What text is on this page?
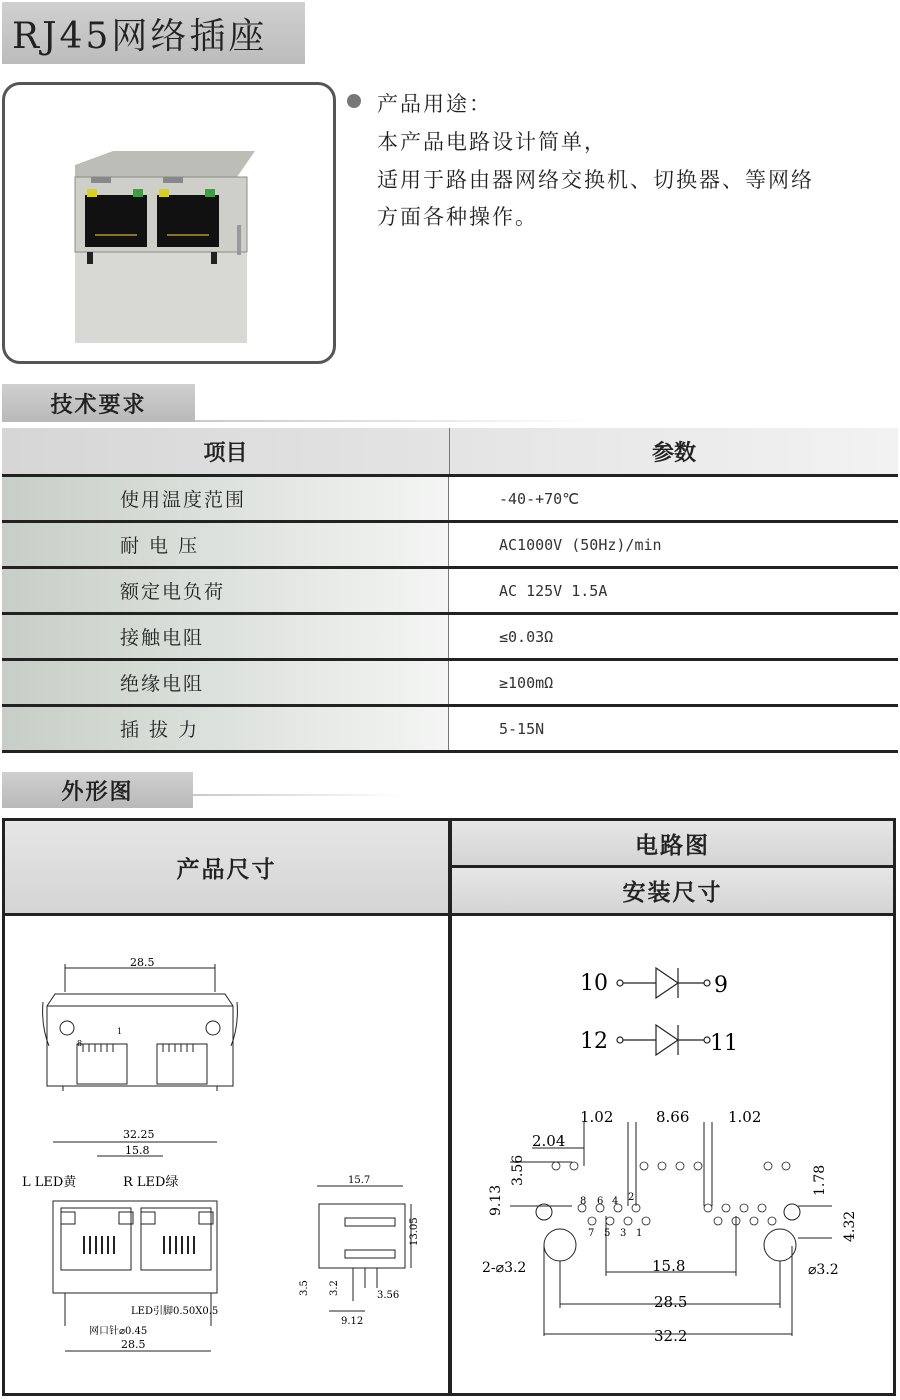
RJ45网络插座
产品用途：
本产品电路设计简单，
适用于路由器网络交换机、切换器、等网络
方面各种操作。
技术要求
项目	参数
使用温度范围	-40-+70℃
耐 电 压	AC1000V (50Hz)/min
额定电负荷	AC 125V 1.5A
接触电阻	≤0.03Ω
绝缘电阻	≥100mΩ
插 拔 力	5-15N
外形图
产品尺寸
电路图
安装尺寸
28.5
1
8
32.25
15.8
L LED黄	R LED绿
LED引脚0.50X0.5
网口针⌀0.45
28.5
15.7
13.05
3.5 3.2	3.56
9.12
10	9
12	11
1.02	8.66	1.02
2.04
3.56
9.13
1.78
4.32
15.8
28.5
32.2
2-⌀3.2	⌀3.2
8 6 4 2
7 5 3 1
